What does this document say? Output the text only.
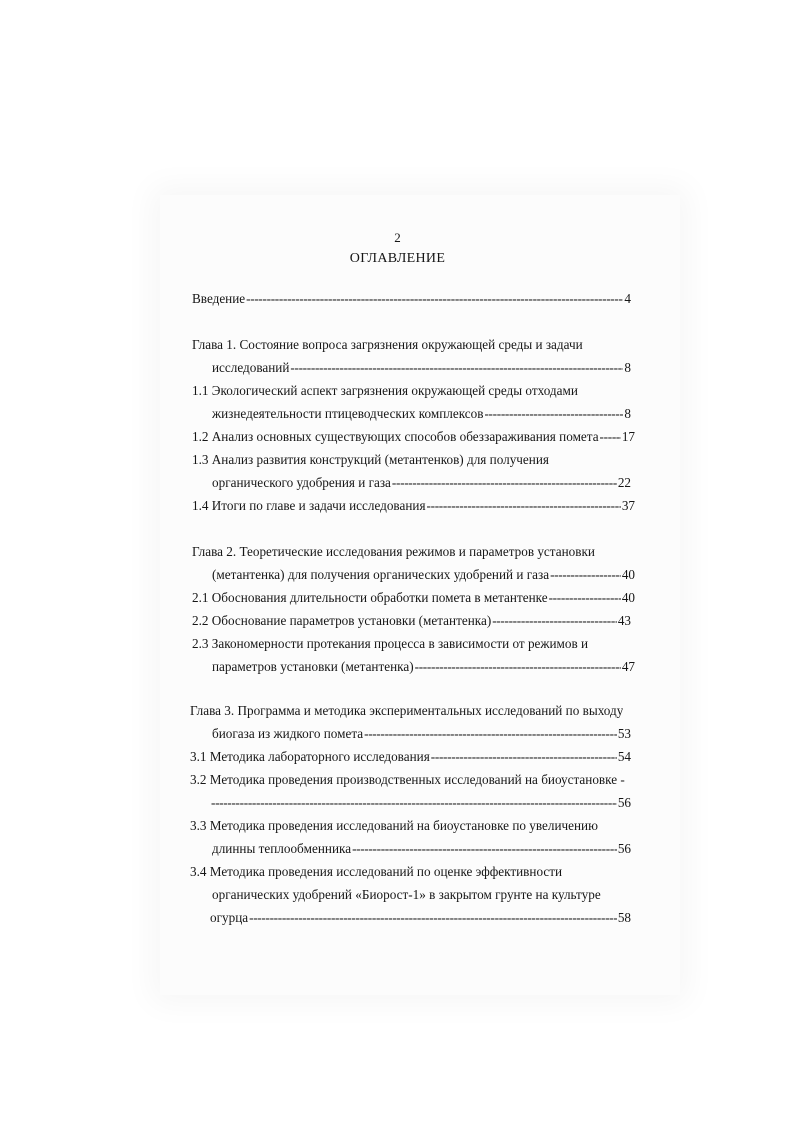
2
ОГЛАВЛЕНИЕ
Введение -----	4
Глава 1. Состояние вопроса загрязнения окружающей среды и задачи
исследований -----	8
1.1 Экологический аспект загрязнения окружающей среды отходами
жизнедеятельности птицеводческих комплексов -----	8
1.2 Анализ основных существующих способов обеззараживания помета ----- 17
1.3 Анализ развития конструкций (метантенков) для получения
органического удобрения и газа -----	22
1.4 Итоги по главе и задачи исследования -----	37
Глава 2. Теоретические исследования режимов и параметров установки
(метантенка) для получения органических удобрений и газа -----	40
2.1 Обоснования длительности обработки помета в метантенке -----	40
2.2 Обоснование параметров установки (метантенка) -----	43
2.3 Закономерности протекания процесса в зависимости от режимов и
параметров установки (метантенка) -----	47
Глава 3. Программа и методика экспериментальных исследований по выходу
биогаза из жидкого помета -----	53
3.1 Методика лабораторного исследования -----	54
3.2 Методика проведения производственных исследований на биоустановке -
-----
56
3.3 Методика проведения исследований на биоустановке по увеличению
длинны теплообменника -----	56
3.4 Методика проведения исследований по оценке эффективности
органических удобрений «Биорост-1» в закрытом грунте на культуре
огурца -----	58
